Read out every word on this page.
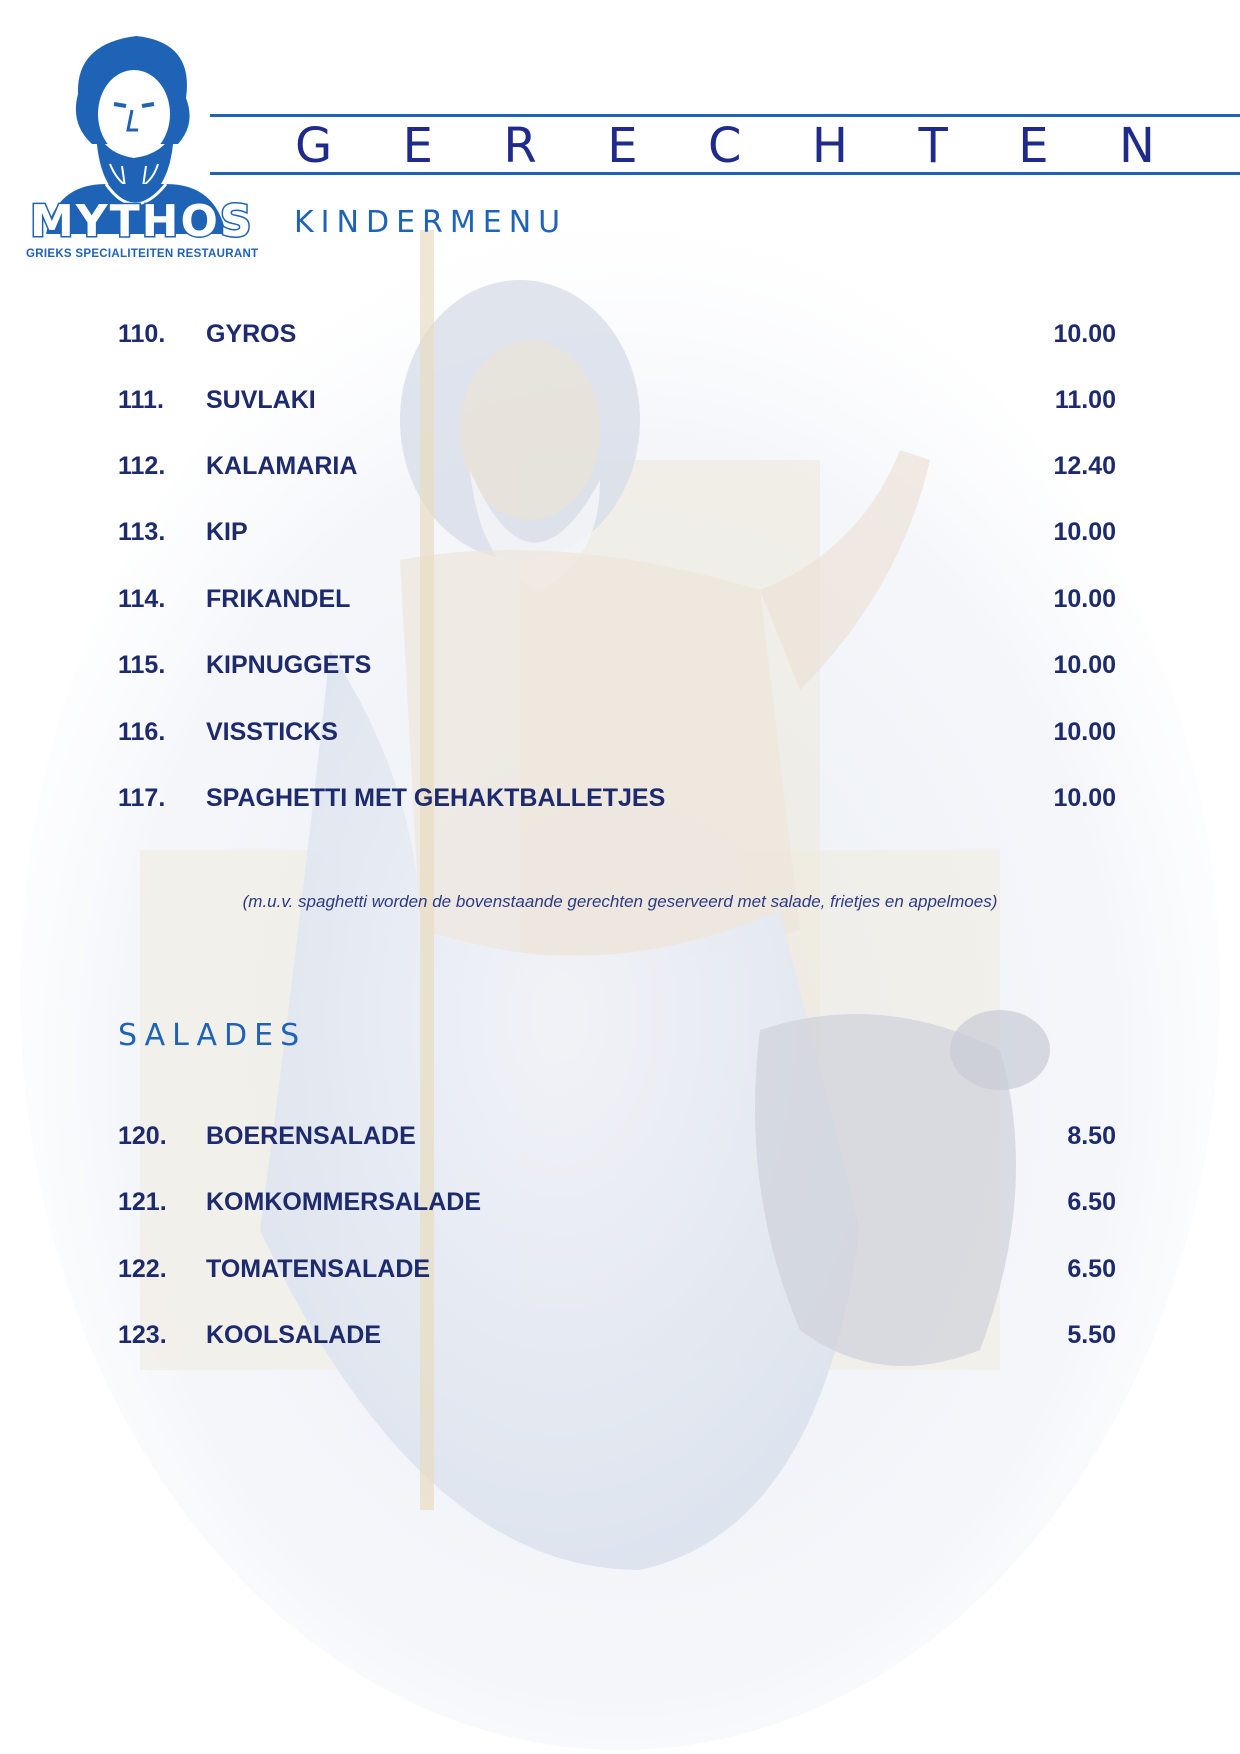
MYTHOS
GRIEKS SPECIALITEITEN RESTAURANT
G E R E C H T E N
KINDERMENU
110. GYROS	10.00
111. SUVLAKI	11.00
112. KALAMARIA	12.40
113. KIP	10.00
114. FRIKANDEL	10.00
115. KIPNUGGETS	10.00
116. VISSTICKS	10.00
117. SPAGHETTI MET GEHAKTBALLETJES	10.00
(m.u.v. spaghetti worden de bovenstaande gerechten geserveerd met salade, frietjes en appelmoes)
SALADES
120. BOERENSALADE	8.50
121. KOMKOMMERSALADE	6.50
122. TOMATENSALADE	6.50
123. KOOLSALADE	5.50
